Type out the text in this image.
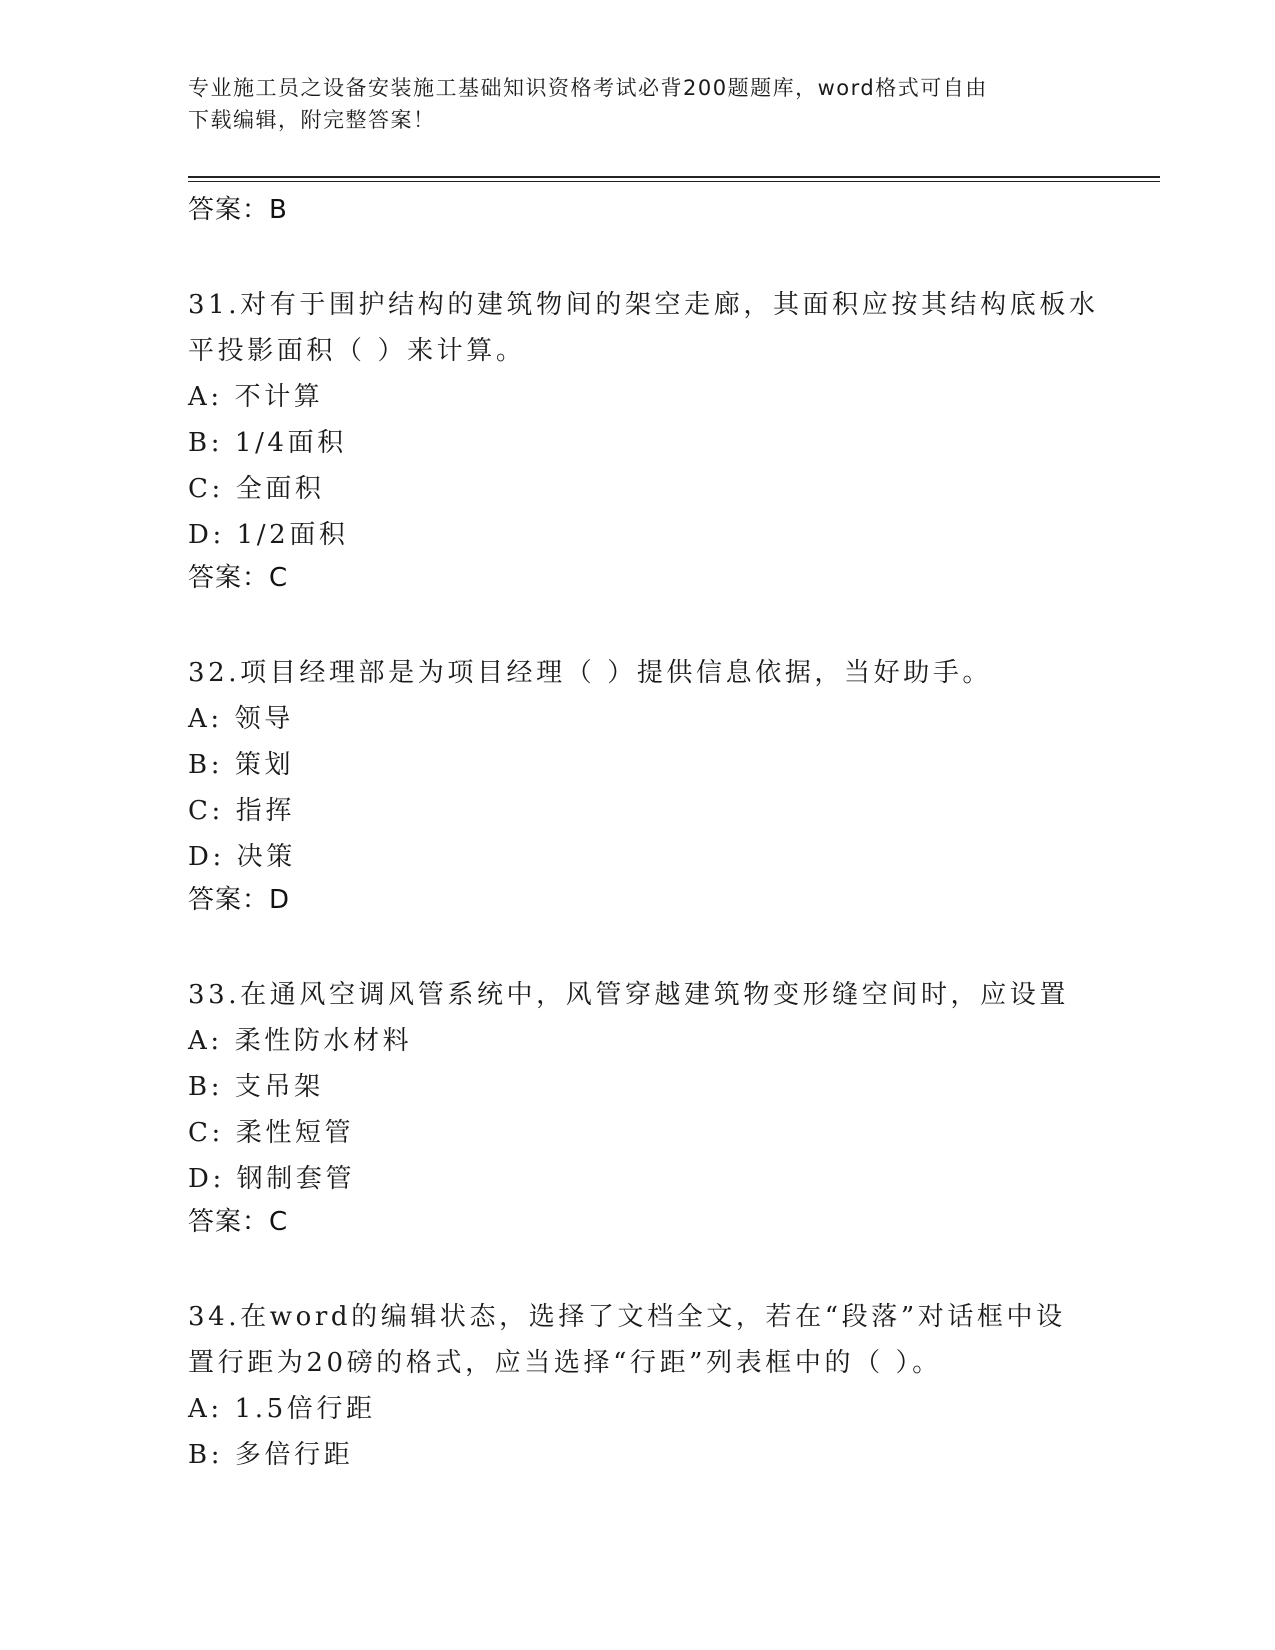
专业施工员之设备安装施工基础知识资格考试必背200题题库，word格式可自由
下载编辑，附完整答案！
答案：B
31.对有于围护结构的建筑物间的架空走廊，其面积应按其结构底板水
平投影面积（ ）来计算。
A: 不计算
B: 1/4面积
C: 全面积
D: 1/2面积
答案：C
32.项目经理部是为项目经理（ ）提供信息依据，当好助手。
A: 领导
B: 策划
C: 指挥
D: 决策
答案：D
33.在通风空调风管系统中，风管穿越建筑物变形缝空间时，应设置
A: 柔性防水材料
B: 支吊架
C: 柔性短管
D: 钢制套管
答案：C
34.在word的编辑状态，选择了文档全文，若在“段落”对话框中设
置行距为20磅的格式，应当选择“行距”列表框中的（ ）。
A: 1.5倍行距
B: 多倍行距
